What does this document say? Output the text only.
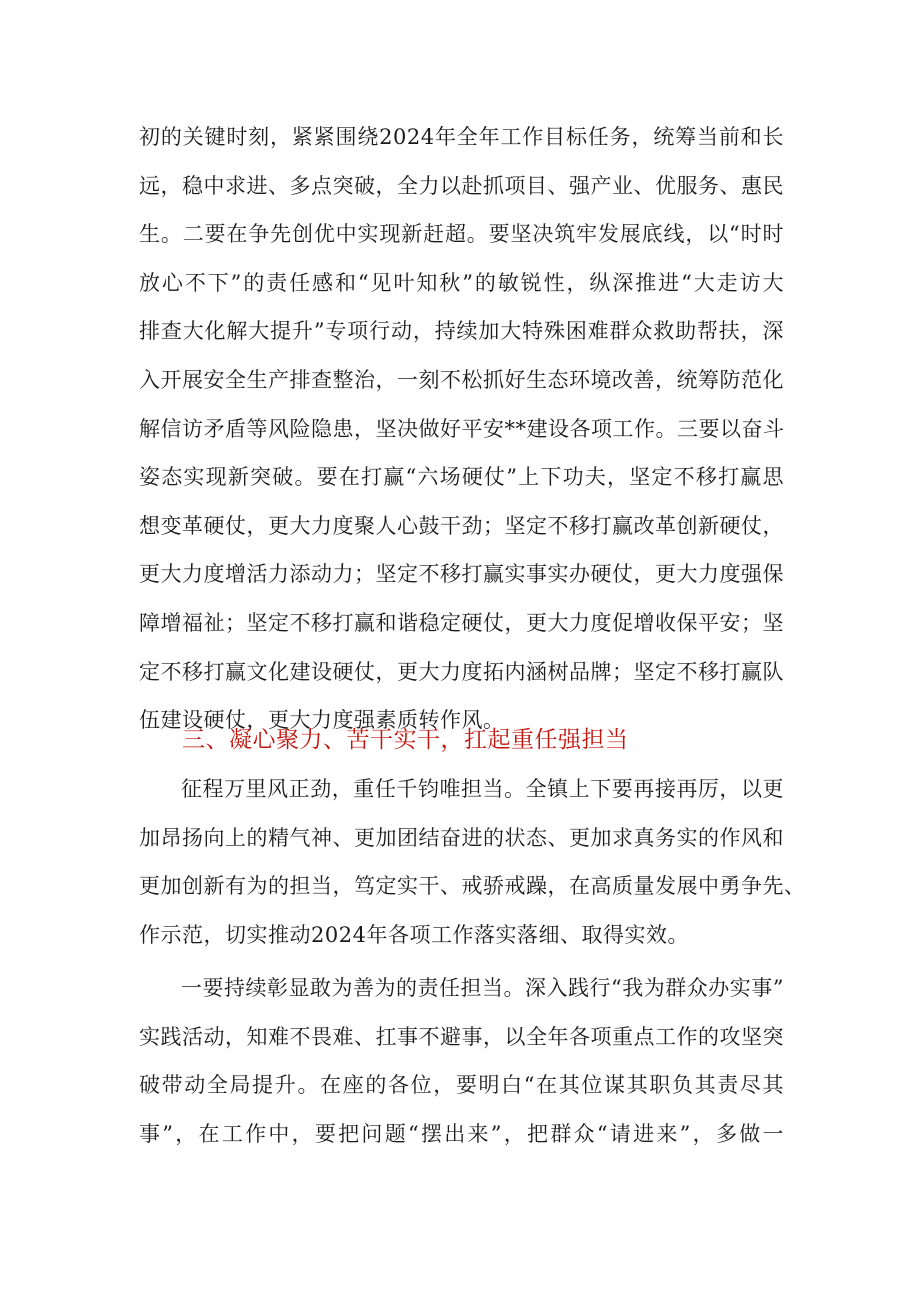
初的关键时刻，紧紧围绕2024年全年工作目标任务，统筹当前和长
远，稳中求进、多点突破，全力以赴抓项目、强产业、优服务、惠民
生。二要在争先创优中实现新赶超。要坚决筑牢发展底线，以“时时
放心不下”的责任感和“见叶知秋”的敏锐性，纵深推进“大走访大
排查大化解大提升”专项行动，持续加大特殊困难群众救助帮扶，深
入开展安全生产排查整治，一刻不松抓好生态环境改善，统筹防范化
解信访矛盾等风险隐患，坚决做好平安**建设各项工作。三要以奋斗
姿态实现新突破。要在打赢“六场硬仗”上下功夫，坚定不移打赢思
想变革硬仗，更大力度聚人心鼓干劲；坚定不移打赢改革创新硬仗，
更大力度增活力添动力；坚定不移打赢实事实办硬仗，更大力度强保
障增福祉；坚定不移打赢和谐稳定硬仗，更大力度促增收保平安；坚
定不移打赢文化建设硬仗，更大力度拓内涵树品牌；坚定不移打赢队
伍建设硬仗，更大力度强素质转作风。
三、凝心聚力、苦干实干，扛起重任强担当
征程万里风正劲，重任千钧唯担当。全镇上下要再接再厉，以更
加昂扬向上的精气神、更加团结奋进的状态、更加求真务实的作风和
更加创新有为的担当，笃定实干、戒骄戒躁，在高质量发展中勇争先、
作示范，切实推动2024年各项工作落实落细、取得实效。
一要持续彰显敢为善为的责任担当。深入践行“我为群众办实事”
实践活动，知难不畏难、扛事不避事，以全年各项重点工作的攻坚突
破带动全局提升。在座的各位，要明白“在其位谋其职负其责尽其
事”，在工作中，要把问题“摆出来”，把群众“请进来”，多做一
